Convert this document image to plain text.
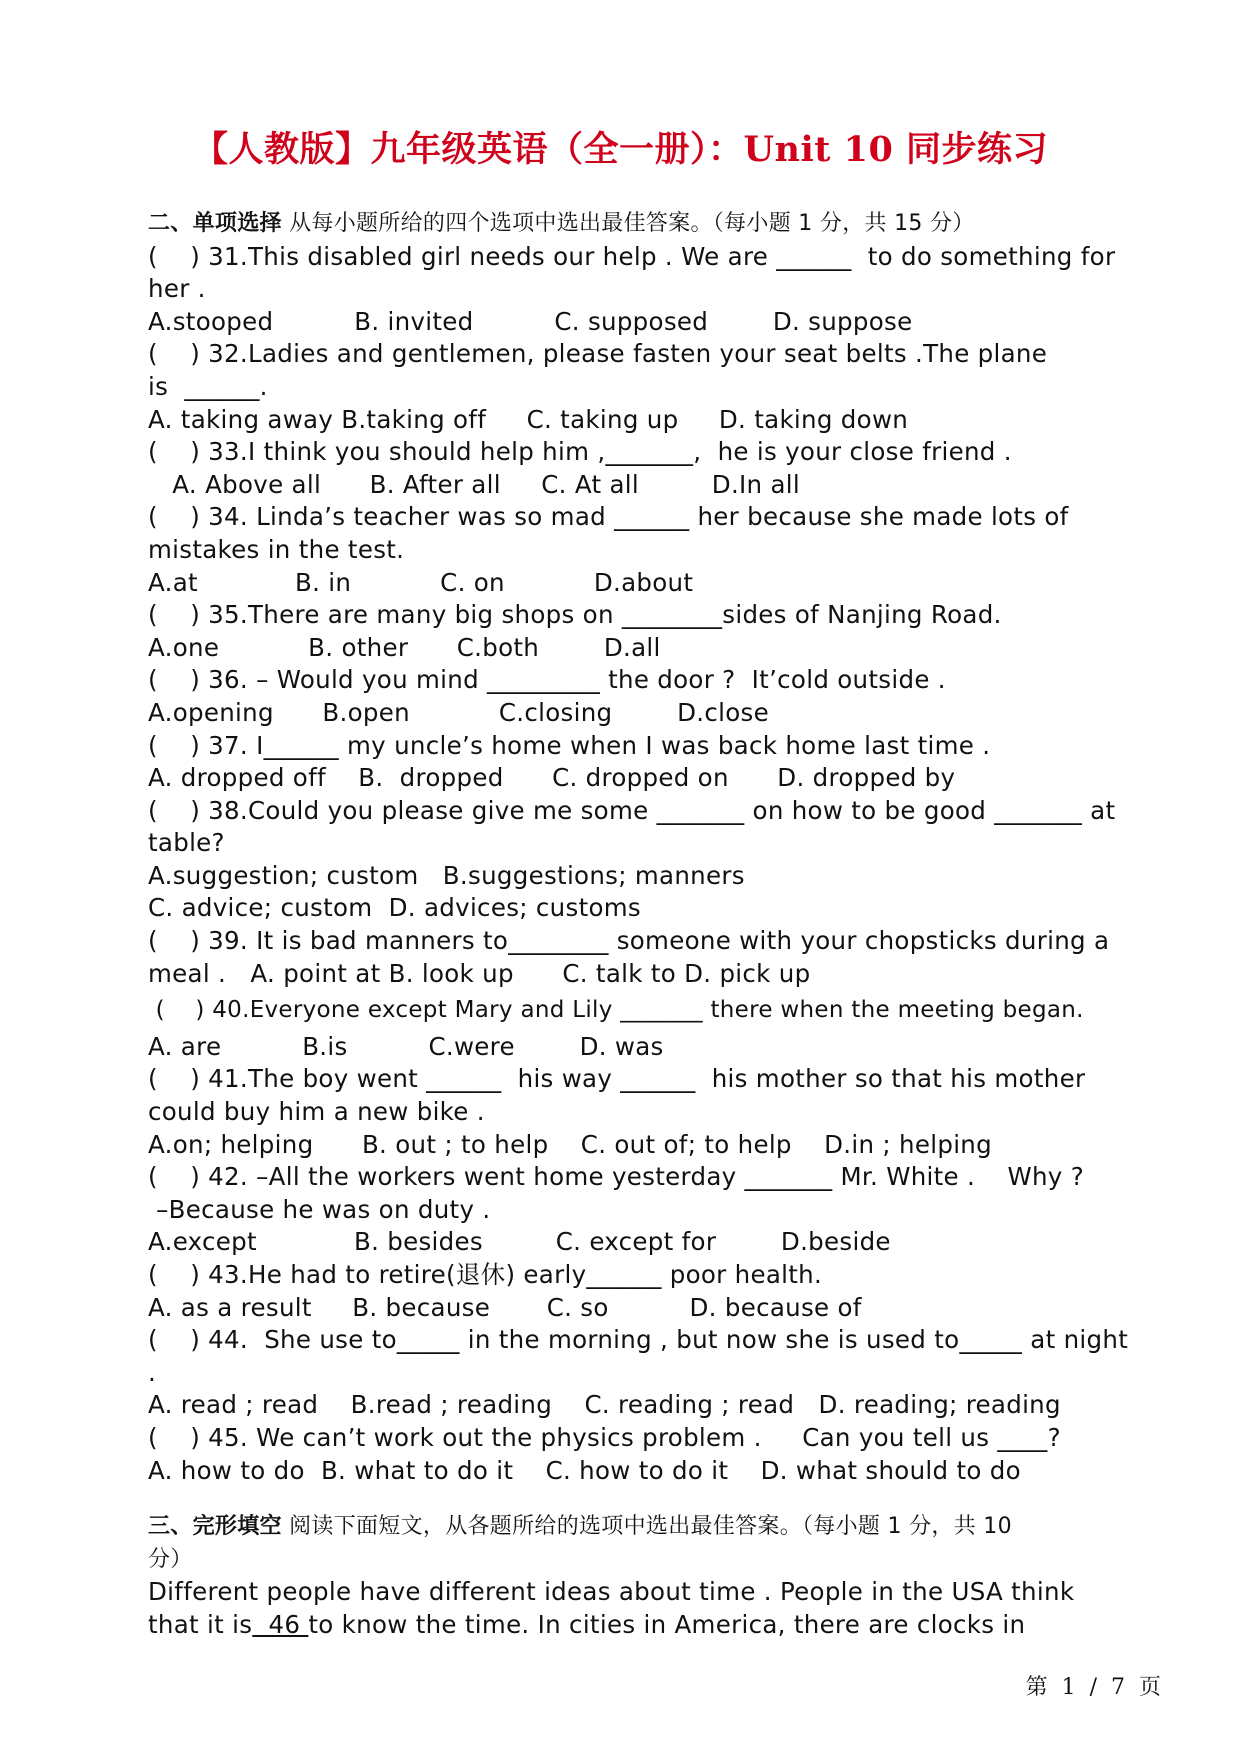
【人教版】九年级英语（全一册）：Unit 10 同步练习

二、单项选择 从每小题所给的四个选项中选出最佳答案。（每小题 1 分，共 15 分）

(    ) 31.This disabled girl needs our help . We are ______  to do something for

her .

A.stooped          B. invited          C. supposed        D. suppose

(    ) 32.Ladies and gentlemen, please fasten your seat belts .The plane

is  ______.

A. taking away B.taking off     C. taking up     D. taking down

(    ) 33.I think you should help him ,_______,  he is your close friend .

A. Above all      B. After all     C. At all         D.In all

(    ) 34. Linda’s teacher was so mad ______ her because she made lots of

mistakes in the test.

A.at            B. in           C. on           D.about

(    ) 35.There are many big shops on ________sides of Nanjing Road.

A.one           B. other      C.both        D.all

(    ) 36. – Would you mind _________ the door ?  It’cold outside .

A.opening      B.open           C.closing        D.close

(    ) 37. I______ my uncle’s home when I was back home last time .

A. dropped off    B.  dropped      C. dropped on      D. dropped by

(    ) 38.Could you please give me some _______ on how to be good _______ at

table?

A.suggestion; custom   B.suggestions; manners

C. advice; custom  D. advices; customs

(    ) 39. It is bad manners to________ someone with your chopsticks during a

meal .   A. point at B. look up      C. talk to D. pick up

(    ) 40.Everyone except Mary and Lily _______ there when the meeting began.

A. are          B.is          C.were        D. was

(    ) 41.The boy went ______  his way ______  his mother so that his mother

could buy him a new bike .

A.on; helping      B. out ; to help    C. out of; to help    D.in ; helping

(    ) 42. –All the workers went home yesterday _______ Mr. White .    Why ?

–Because he was on duty .

A.except            B. besides         C. except for        D.beside

(    ) 43.He had to retire(退休) early______ poor health.

A. as a result     B. because       C. so          D. because of

(    ) 44.  She use to_____ in the morning , but now she is used to_____ at night

.

A. read ; read    B.read ; reading    C. reading ; read   D. reading; reading

(    ) 45. We can’t work out the physics problem .     Can you tell us ____?

A. how to do  B. what to do it    C. how to do it    D. what should to do

三、完形填空 阅读下面短文，从各题所给的选项中选出最佳答案。（每小题 1 分，共 10

分）

Different people have different ideas about time . People in the USA think

that it is  46 to know the time. In cities in America, there are clocks in

第  1  /  7  页
